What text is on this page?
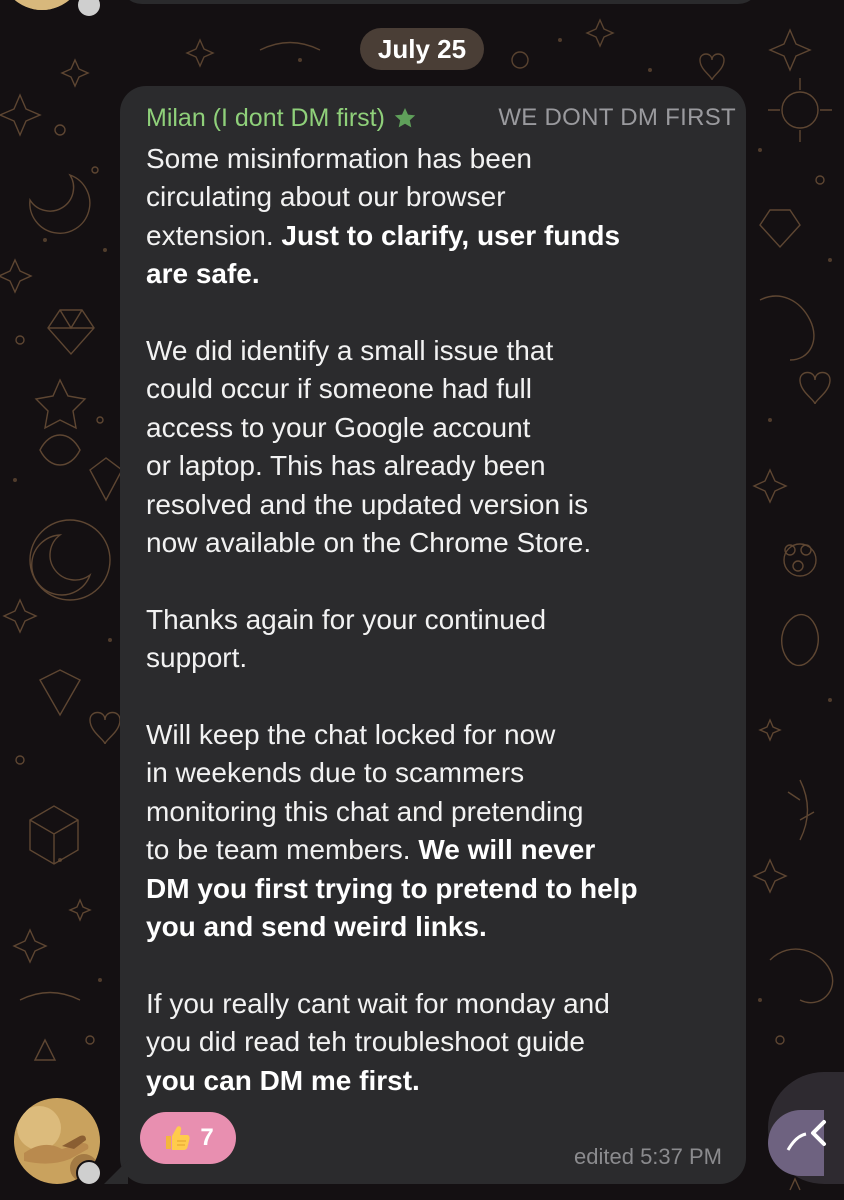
July 25
Milan (I dont DM first)	WE DONT DM FIRST

Some misinformation has been
circulating about our browser
extension. Just to clarify, user funds
are safe.

We did identify a small issue that
could occur if someone had full
access to your Google account
or laptop. This has already been
resolved and the updated version is
now available on the Chrome Store.

Thanks again for your continued
support.

Will keep the chat locked for now
in weekends due to scammers
monitoring this chat and pretending
to be team members. We will never
DM you first trying to pretend to help
you and send weird links.

If you really cant wait for monday and
you did read teh troubleshoot guide
you can DM me first.

7
edited 5:37 PM
